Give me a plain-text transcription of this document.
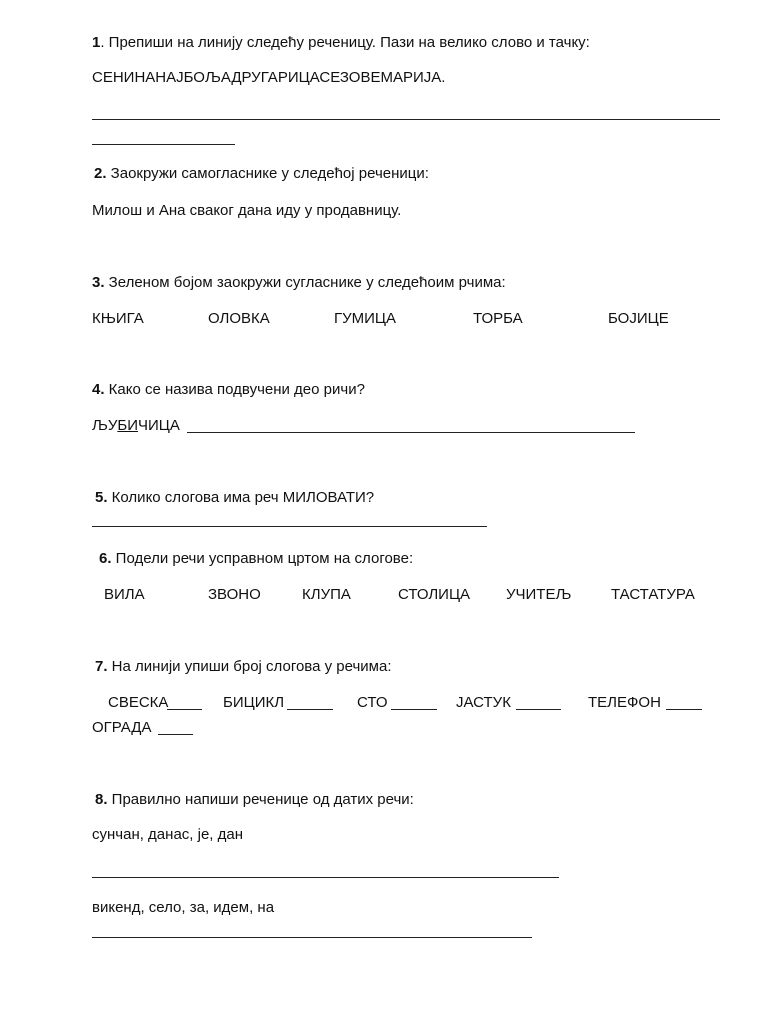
1. Препиши на линију следећу реченицу. Пази на велико слово и тачку:
СЕНИНАНАЈБОЉАДРУГАРИЦАСЕЗОВЕМАРИЈА.
2. Заокружи самогласнике у следећој реченици:
Милош и Ана сваког дана иду у продавницу.
3. Зеленом бојом заокружи сугласнике у следећоим рчима:
КЊИГА	ОЛОВКА	ГУМИЦА	ТОРБА	БОЈИЦЕ
4. Како се назива подвучени део ричи?
ЉУБИЧИЦА
5. Колико слогова има реч МИЛОВАТИ?
6. Подели речи усправном цртом на слогове:
ВИЛА	ЗВОНО	КЛУПА	СТОЛИЦА УЧИТЕЉ	ТАСТАТУРА
7. На линији упиши број слогова у речима:
СВЕСКА	БИЦИКЛ	СТО	ЈАСТУК	ТЕЛЕФОН
ОГРАДА
8. Правилно напиши реченице од датих речи:
сунчан, данас, је, дан
викенд, село, за, идем, на
